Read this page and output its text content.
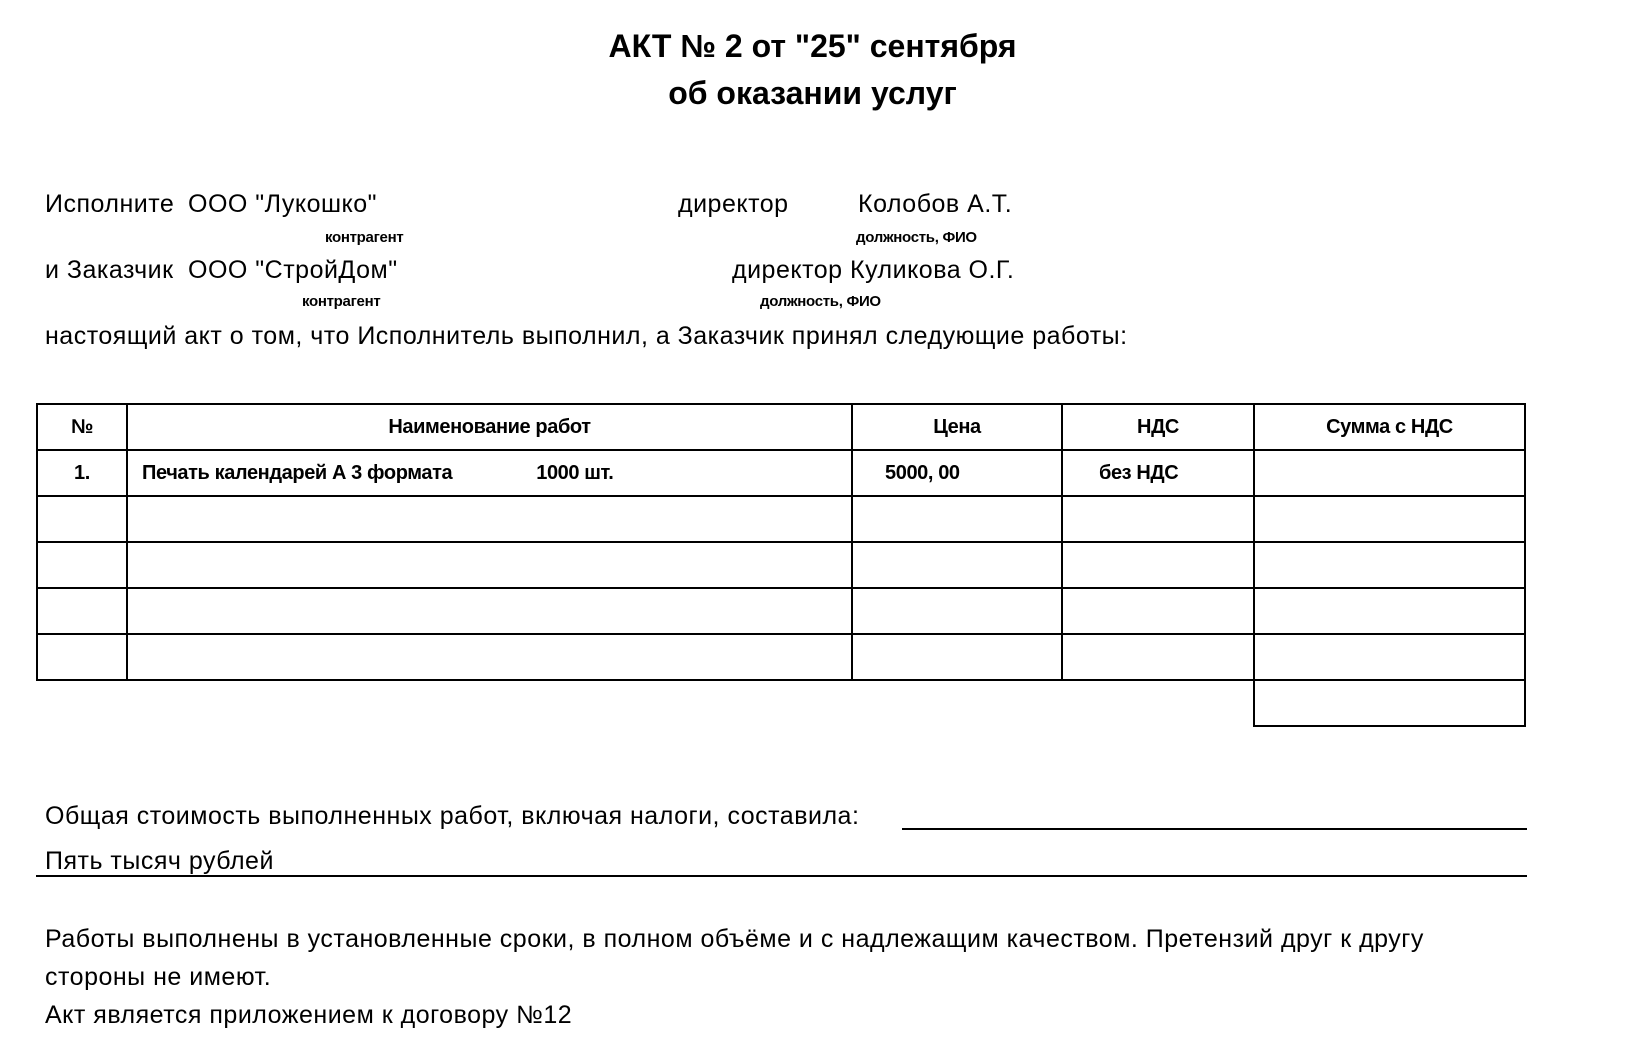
АКТ № 2 от "25" сентября
об оказании услуг
Исполните ООО "Лукошко"	директор	Колобов А.Т.
контрагент	должность, ФИО
и Заказчик ООО "СтройДом"	директор Куликова О.Г.
контрагент	должность, ФИО
настоящий акт о том, что Исполнитель выполнил, а Заказчик принял следующие работы:
№	Наименование работ	Цена	НДС	Сумма с НДС
1.	Печать календарей А 3 формата 1000 шт.	5000, 00	без НДС	

Общая стоимость выполненных работ, включая налоги, составила:
Пять тысяч рублей
Работы выполнены в установленные сроки, в полном объёме и с надлежащим качеством. Претензий друг к другу
стороны не имеют.
Акт является приложением к договору №12
